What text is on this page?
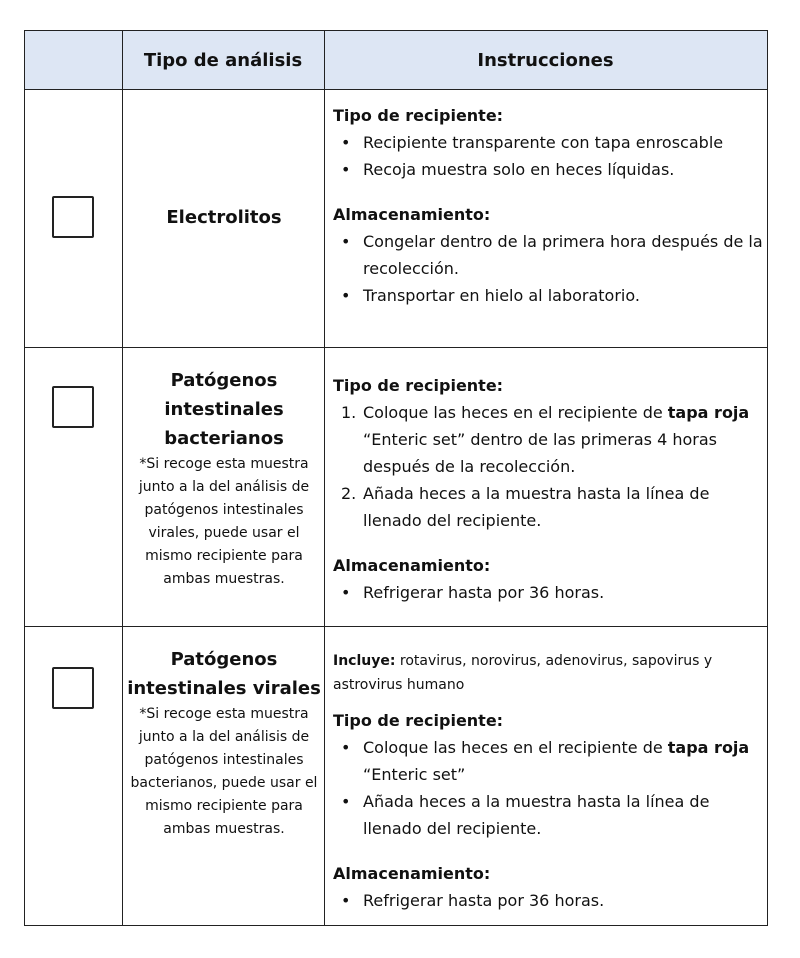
Tipo de análisis	Instrucciones
Electrolitos
Tipo de recipiente:
• Recipiente transparente con tapa enroscable
• Recoja muestra solo en heces líquidas.
Almacenamiento:
• Congelar dentro de la primera hora después de la recolección.
• Transportar en hielo al laboratorio.
Patógenos intestinales bacterianos
*Si recoge esta muestra junto a la del análisis de patógenos intestinales virales, puede usar el mismo recipiente para ambas muestras.
Tipo de recipiente:
1. Coloque las heces en el recipiente de tapa roja “Enteric set” dentro de las primeras 4 horas después de la recolección.
2. Añada heces a la muestra hasta la línea de llenado del recipiente.
Almacenamiento:
• Refrigerar hasta por 36 horas.
Patógenos intestinales virales
*Si recoge esta muestra junto a la del análisis de patógenos intestinales bacterianos, puede usar el mismo recipiente para ambas muestras.
Incluye: rotavirus, norovirus, adenovirus, sapovirus y astrovirus humano
Tipo de recipiente:
• Coloque las heces en el recipiente de tapa roja “Enteric set”
• Añada heces a la muestra hasta la línea de llenado del recipiente.
Almacenamiento:
• Refrigerar hasta por 36 horas.
